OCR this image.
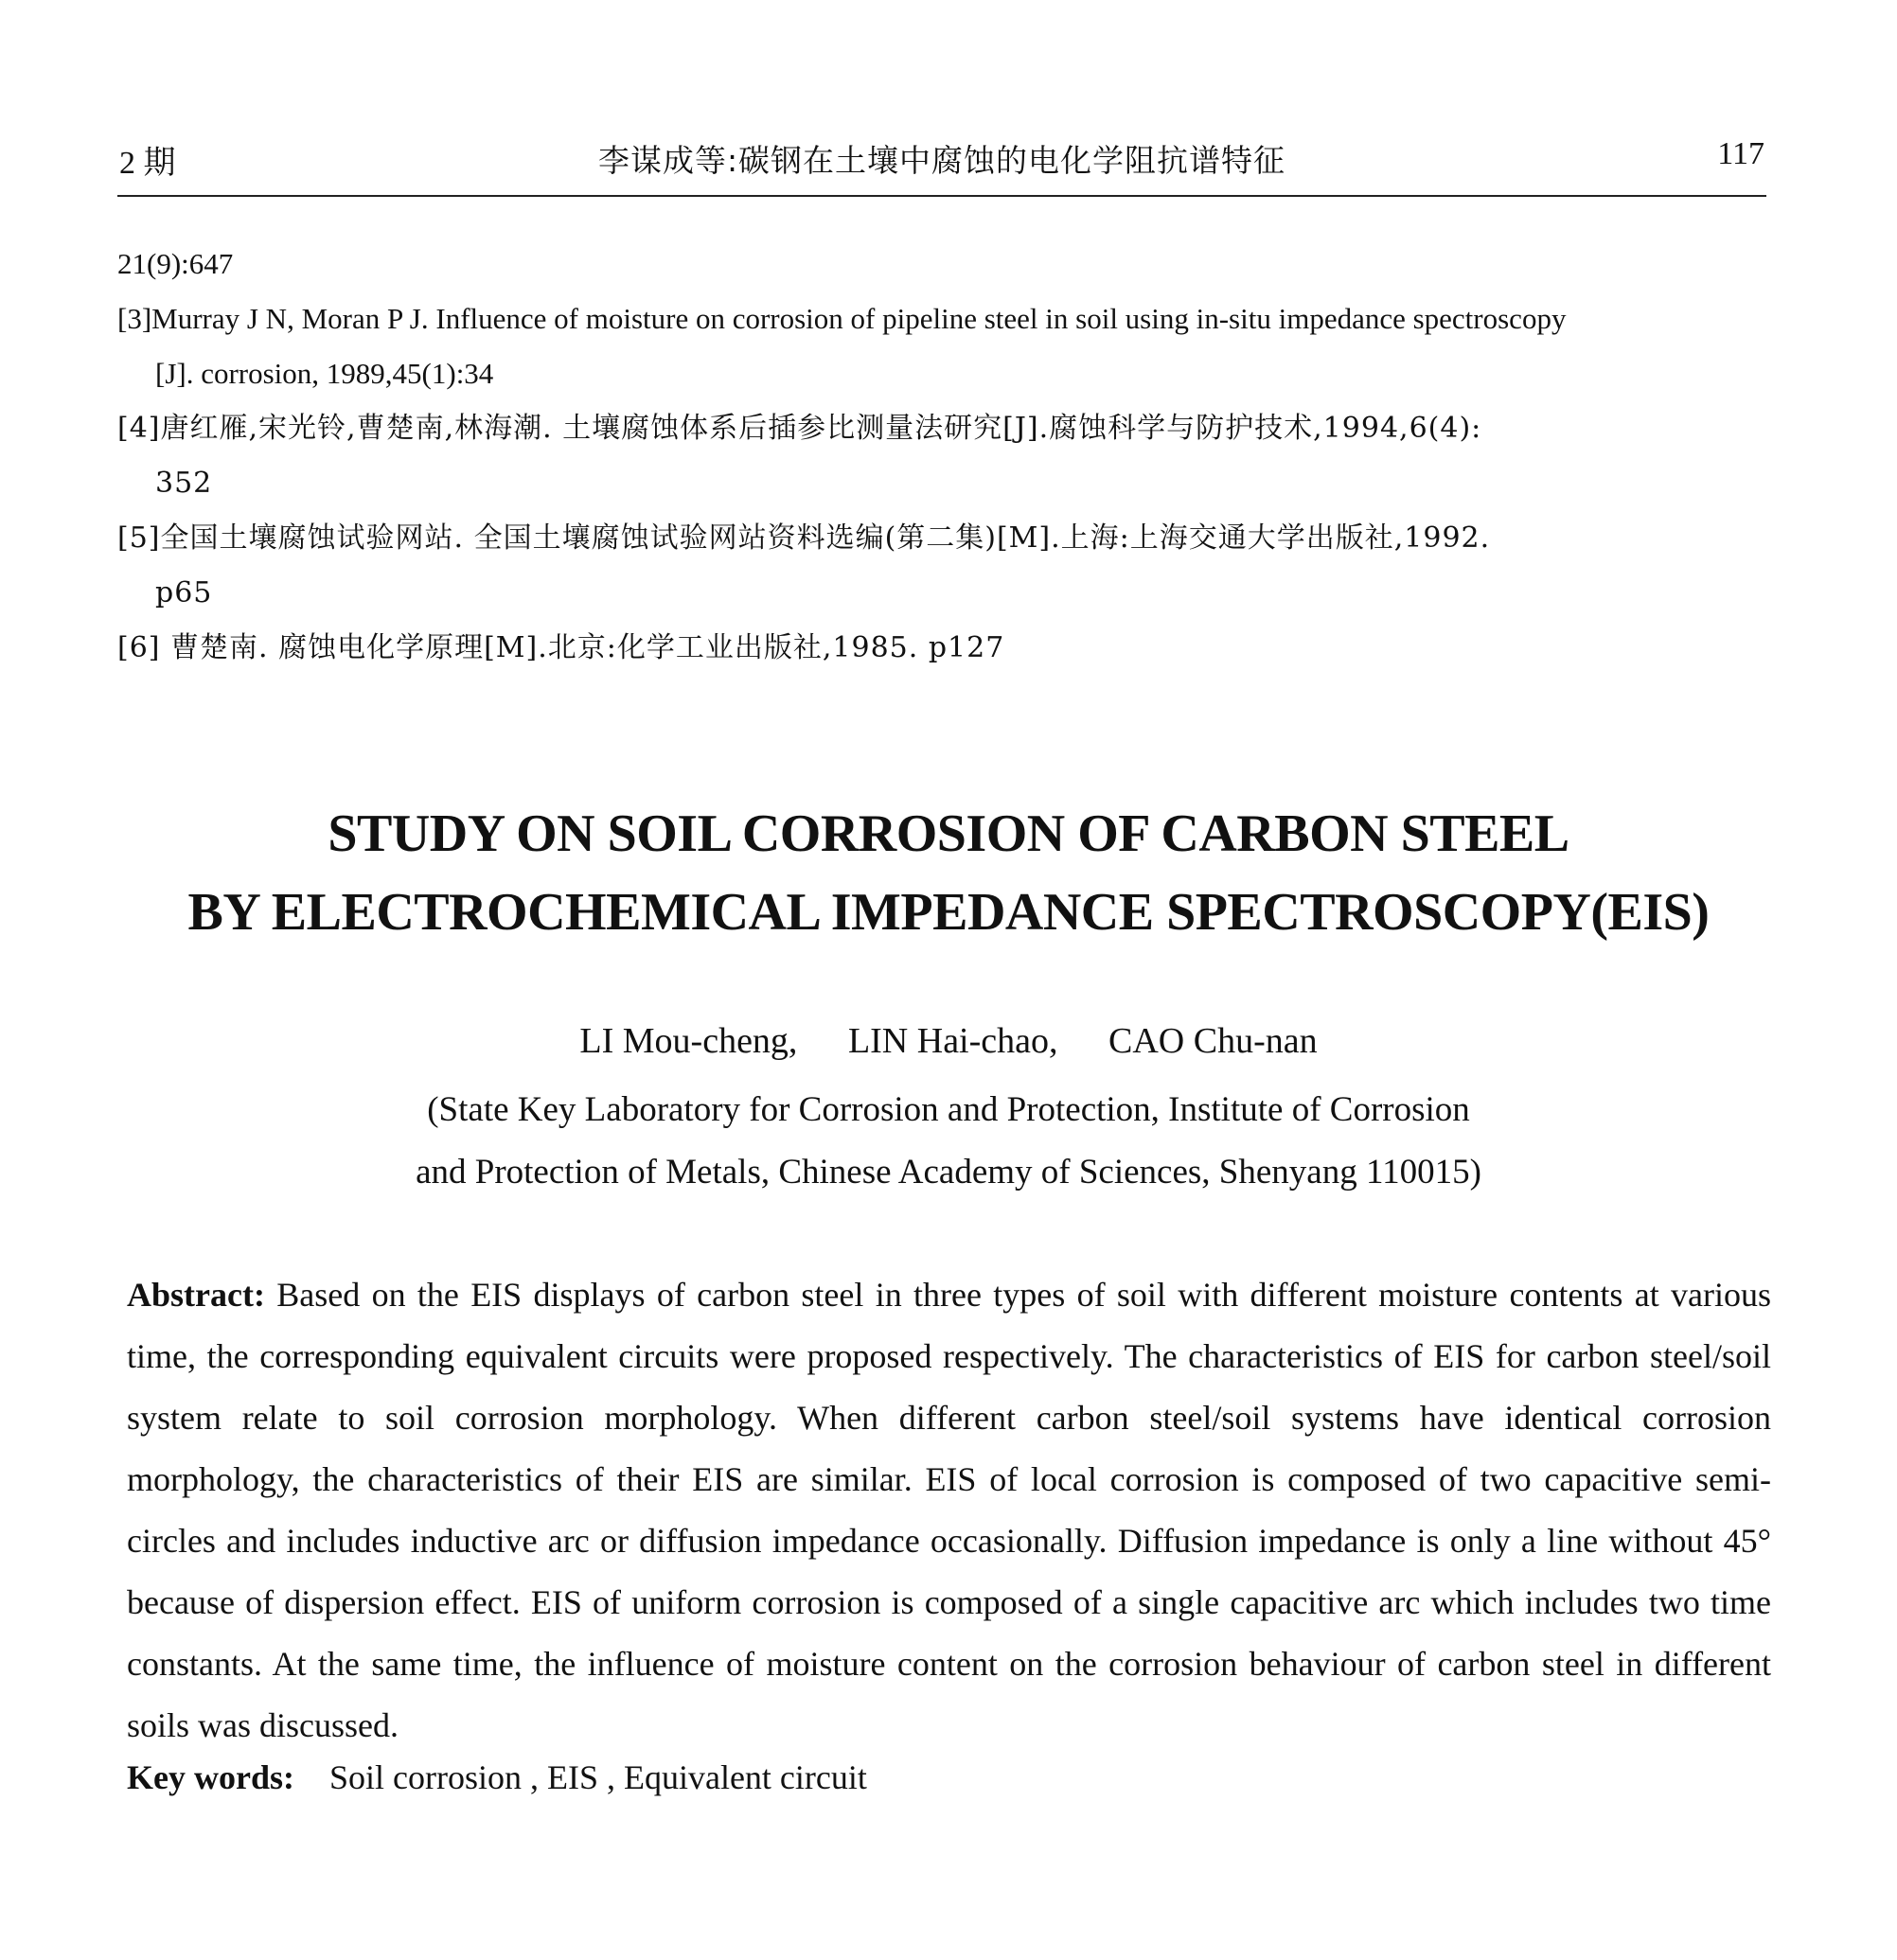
2 期	李谋成等:碳钢在土壤中腐蚀的电化学阻抗谱特征	117
21(9):647
[3]Murray J N, Moran P J. Influence of moisture on corrosion of pipeline steel in soil using in-situ impedance spectroscopy
[J]. corrosion, 1989,45(1):34
[4]唐红雁,宋光铃,曹楚南,林海潮. 土壤腐蚀体系后插参比测量法研究[J].腐蚀科学与防护技术,1994,6(4):
352
[5]全国土壤腐蚀试验网站. 全国土壤腐蚀试验网站资料选编(第二集)[M].上海:上海交通大学出版社,1992.
p65
[6] 曹楚南. 腐蚀电化学原理[M].北京:化学工业出版社,1985. p127
STUDY ON SOIL CORROSION OF CARBON STEEL
BY ELECTROCHEMICAL IMPEDANCE SPECTROSCOPY(EIS)
LI Mou-cheng, LIN Hai-chao, CAO Chu-nan
(State Key Laboratory for Corrosion and Protection, Institute of Corrosion
and Protection of Metals, Chinese Academy of Sciences, Shenyang 110015)
Abstract: Based on the EIS displays of carbon steel in three types of soil with different moisture contents at various time, the corresponding equivalent circuits were proposed respectively. The characteristics of EIS for carbon steel/soil system relate to soil corrosion morphology. When different carbon steel/soil systems have identical corrosion morphology, the characteristics of their EIS are similar. EIS of local corrosion is composed of two capacitive semi-circles and includes inductive arc or diffusion impedance occasionally. Diffusion impedance is only a line without 45° because of dispersion effect. EIS of uniform corrosion is composed of a single capacitive arc which includes two time constants. At the same time, the influence of moisture content on the corrosion behaviour of carbon steel in different soils was discussed.
Key words: Soil corrosion , EIS , Equivalent circuit
